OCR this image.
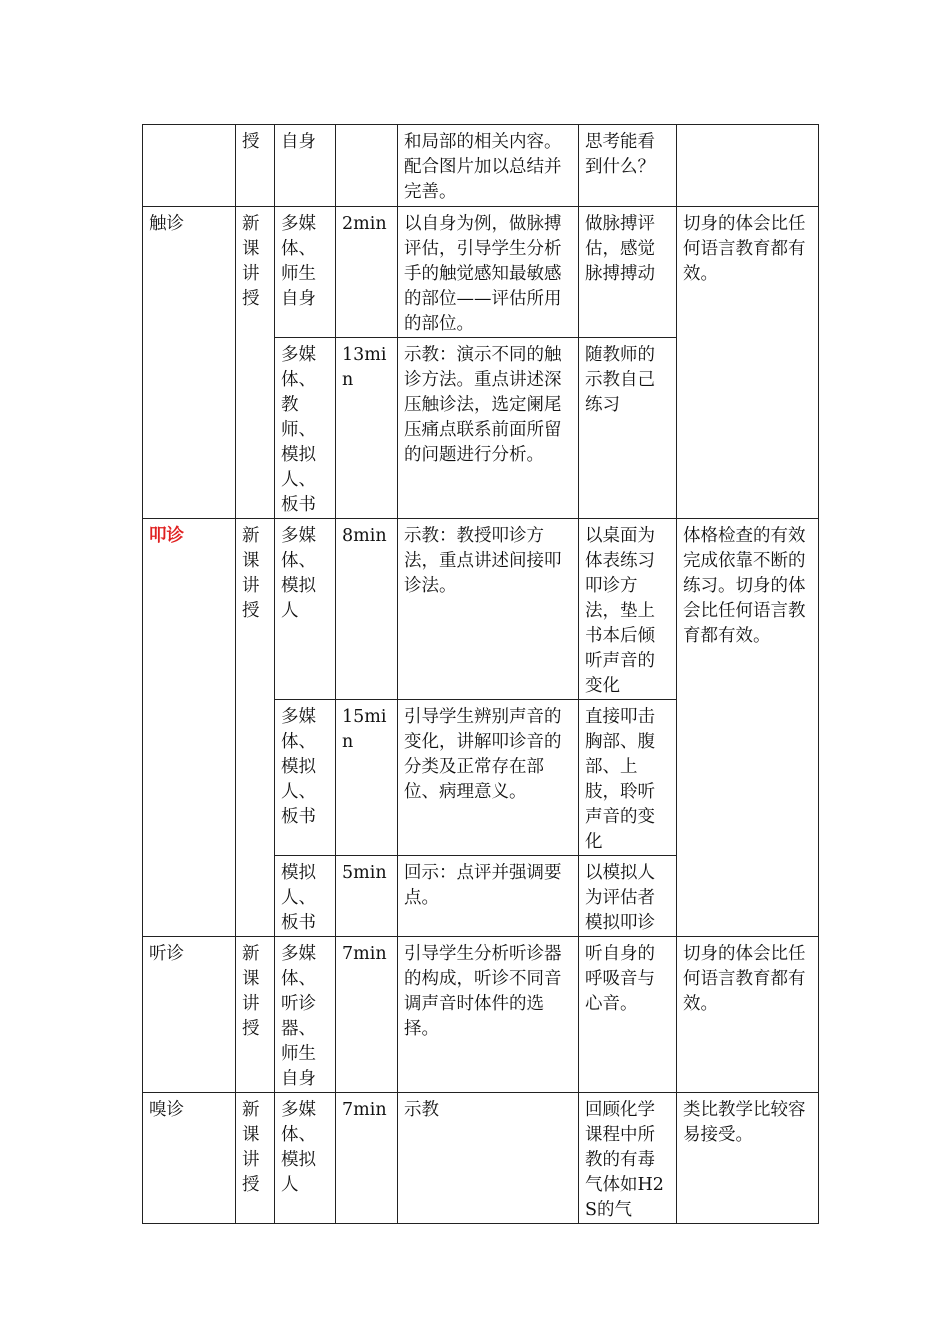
	授	自身		和局部的相关内容。配合图片加以总结并完善。	思考能看到什么？	
触诊	新课讲授	多媒体、师生自身	2min	以自身为例，做脉搏评估，引导学生分析手的触觉感知最敏感的部位——评估所用的部位。	做脉搏评估，感觉脉搏搏动	切身的体会比任何语言教育都有效。
		多媒体、教师、模拟人、板书	13min	示教：演示不同的触诊方法。重点讲述深压触诊法，选定阑尾压痛点联系前面所留的问题进行分析。	随教师的示教自己练习	
叩诊	新课讲授	多媒体、模拟人	8min	示教：教授叩诊方法，重点讲述间接叩诊法。	以桌面为体表练习叩诊方法，垫上书本后倾听声音的变化	体格检查的有效完成依靠不断的练习。切身的体会比任何语言教育都有效。
		多媒体、模拟人、板书	15min	引导学生辨别声音的变化，讲解叩诊音的分类及正常存在部位、病理意义。	直接叩击胸部、腹部、上肢，聆听声音的变化	
		模拟人、板书	5min	回示：点评并强调要点。	以模拟人为评估者模拟叩诊	
听诊	新课讲授	多媒体、听诊器、师生自身	7min	引导学生分析听诊器的构成，听诊不同音调声音时体件的选择。	听自身的呼吸音与心音。	切身的体会比任何语言教育都有效。
嗅诊	新课讲授	多媒体、模拟人	7min	示教	回顾化学课程中所教的有毒气体如H2S的气	类比教学比较容易接受。
